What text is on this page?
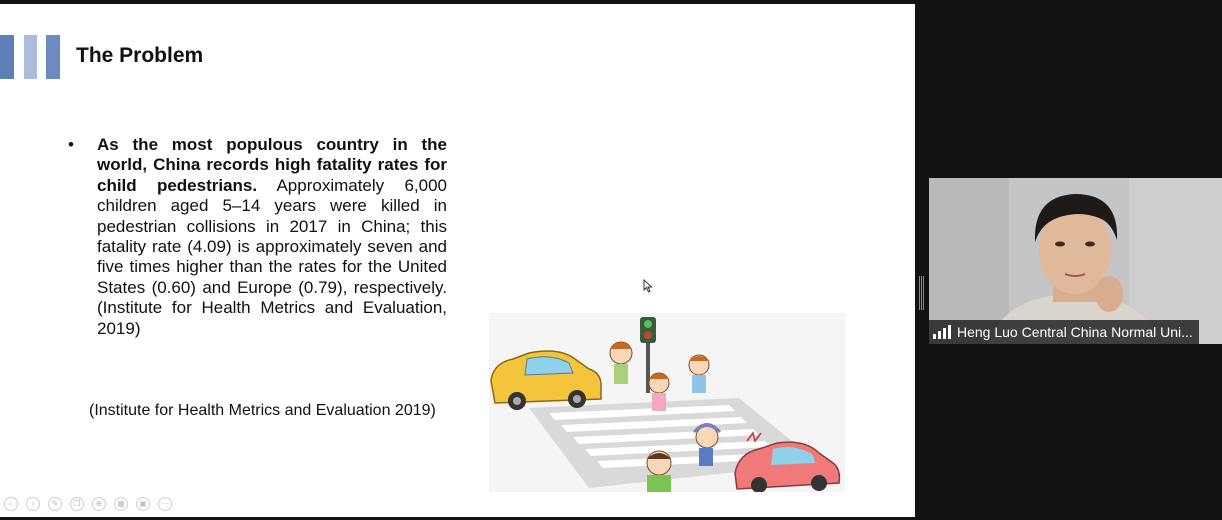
The Problem
• As the most populous country in the world, China records high fatality rates for child pedestrians. Approximately 6,000 children aged 5–14 years were killed in pedestrian collisions in 2017 in China; this fatality rate (4.09) is approximately seven and five times higher than the rates for the United States (0.60) and Europe (0.79), respectively. (Institute for Health Metrics and Evaluation, 2019)
(Institute for Health Metrics and Evaluation 2019)
‹	›	✎	❐	⊕	▦	▣	⋯
Heng Luo Central China Normal Uni...
